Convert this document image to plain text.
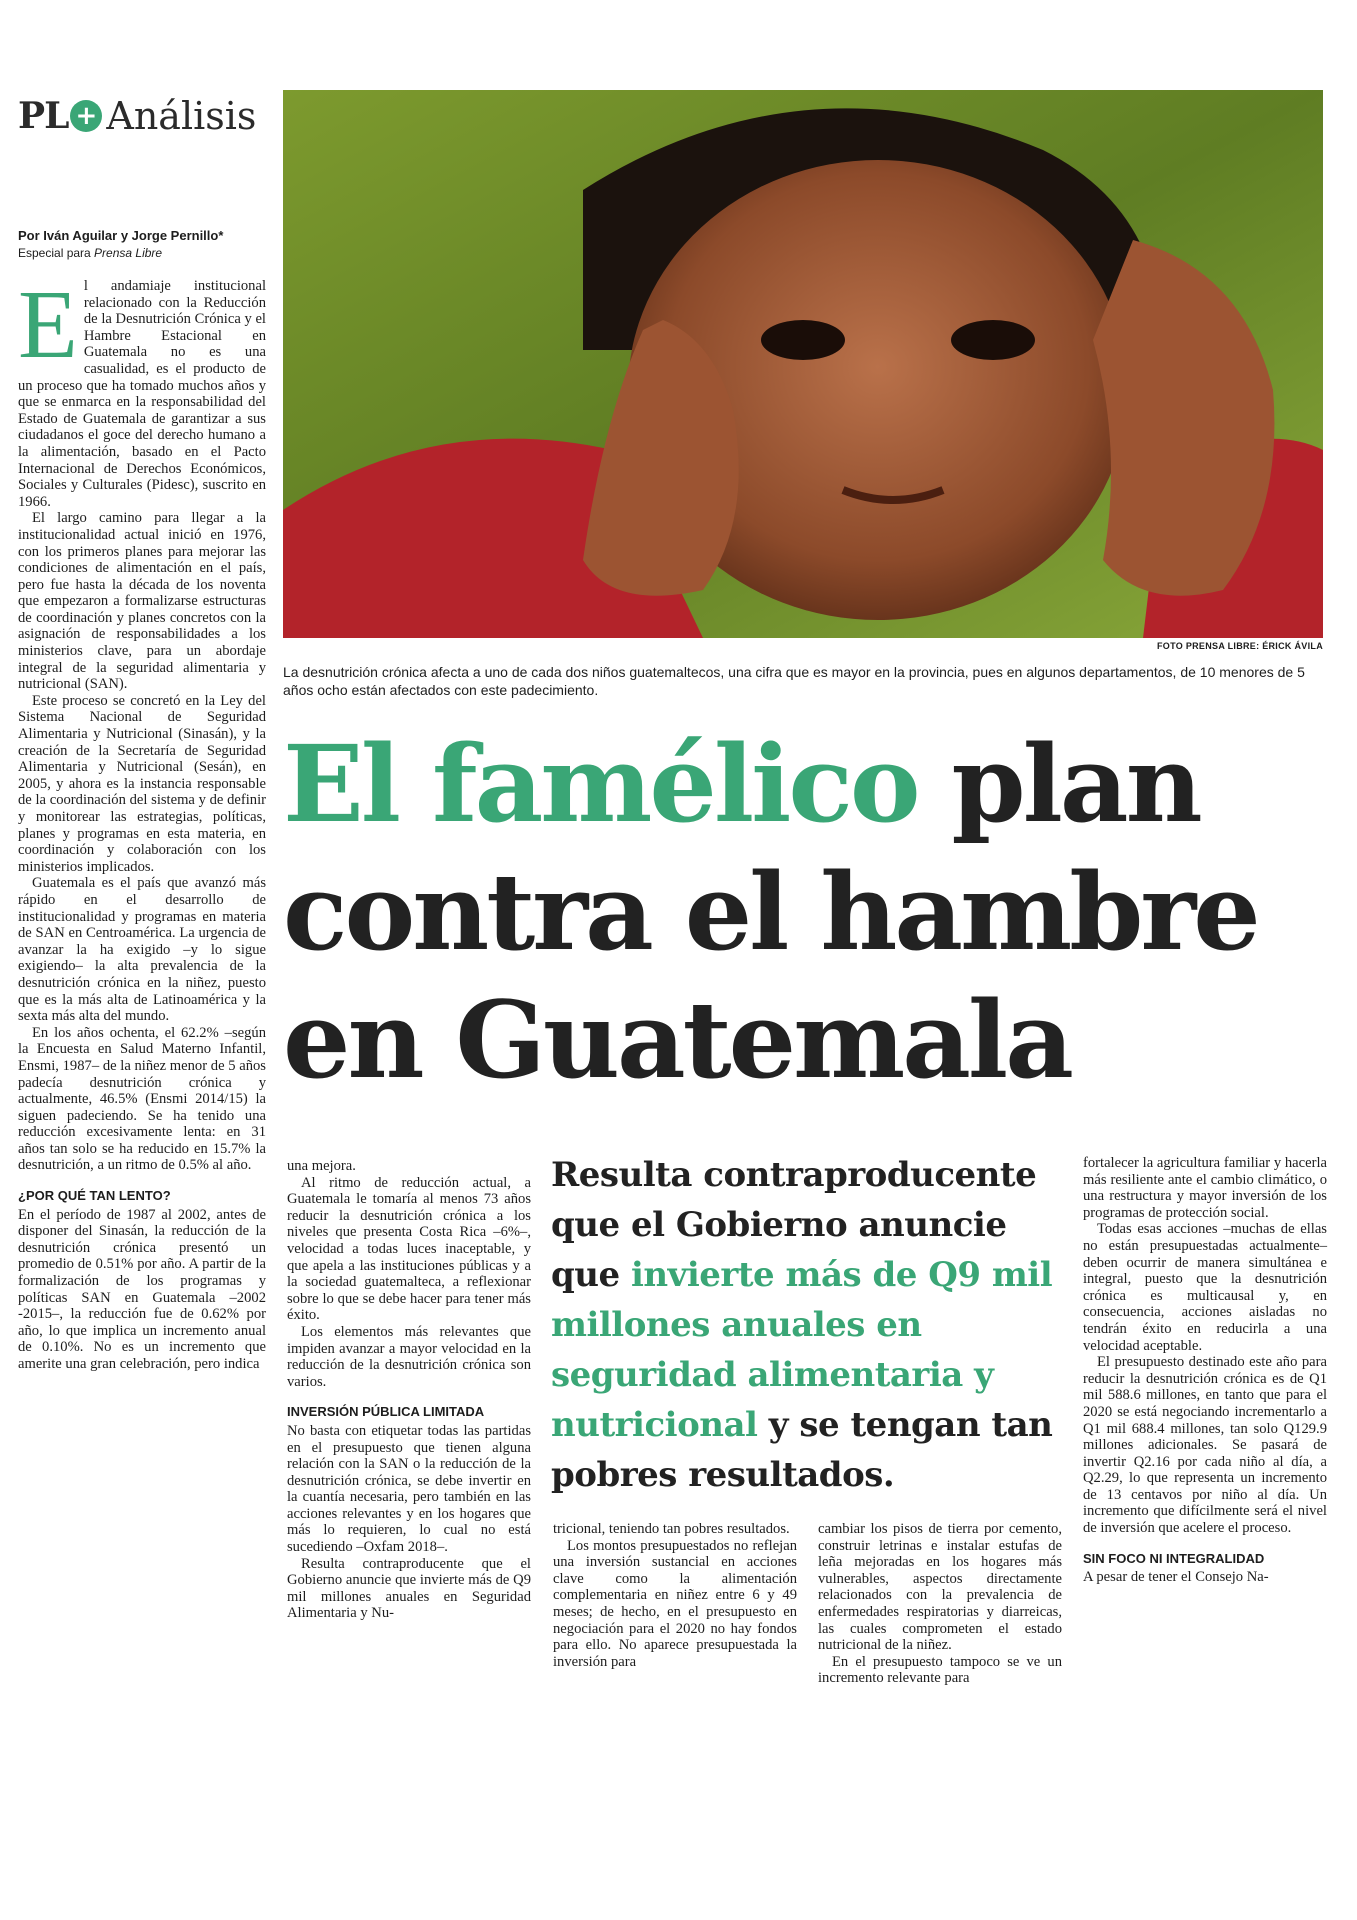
PL + Análisis
Por Iván Aguilar y Jorge Pernillo*
Especial para Prensa Libre
FOTO PRENSA LIBRE: ÉRICK ÁVILA
La desnutrición crónica afecta a uno de cada dos niños guatemaltecos, una cifra que es mayor en la provincia, pues en algunos departamentos, de 10 menores de 5 años ocho están afectados con este padecimiento.
El famélico plan
contra el hambre
en Guatemala
E l andamiaje institucional relacionado con la Reducción de la Desnutrición Crónica y el Hambre Estacional en Guatemala no es una casualidad, es el producto de un proceso que ha tomado muchos años y que se enmarca en la responsabilidad del Estado de Guatemala de garantizar a sus ciudadanos el goce del derecho humano a la alimentación, basado en el Pacto Internacional de Derechos Económicos, Sociales y Culturales (Pidesc), suscrito en 1966.

El largo camino para llegar a la institucionalidad actual inició en 1976, con los primeros planes para mejorar las condiciones de alimentación en el país, pero fue hasta la década de los noventa que empezaron a formalizarse estructuras de coordinación y planes concretos con la asignación de responsabilidades a los ministerios clave, para un abordaje integral de la seguridad alimentaria y nutricional (SAN).

Este proceso se concretó en la Ley del Sistema Nacional de Seguridad Alimentaria y Nutricional (Sinasán), y la creación de la Secretaría de Seguridad Alimentaria y Nutricional (Sesán), en 2005, y ahora es la instancia responsable de la coordinación del sistema y de definir y monitorear las estrategias, políticas, planes y programas en esta materia, en coordinación y colaboración con los ministerios implicados.

Guatemala es el país que avanzó más rápido en el desarrollo de institucionalidad y programas en materia de SAN en Centroamérica. La urgencia de avanzar la ha exigido –y lo sigue exigiendo– la alta prevalencia de la desnutrición crónica en la niñez, puesto que es la más alta de Latinoamérica y la sexta más alta del mundo.

En los años ochenta, el 62.2% –según la Encuesta en Salud Materno Infantil, Ensmi, 1987– de la niñez menor de 5 años padecía desnutrición crónica y actualmente, 46.5% (Ensmi 2014/15) la siguen padeciendo. Se ha tenido una reducción excesivamente lenta: en 31 años tan solo se ha reducido en 15.7% la desnutrición, a un ritmo de 0.5% al año.

¿POR QUÉ TAN LENTO?

En el período de 1987 al 2002, antes de disponer del Sinasán, la reducción de la desnutrición crónica presentó un promedio de 0.51% por año. A partir de la formalización de los programas y políticas SAN en Guatemala –2002 -2015–, la reducción fue de 0.62% por año, lo que implica un incremento anual de 0.10%. No es un incremento que amerite una gran celebración, pero indica

una mejora.

Al ritmo de reducción actual, a Guatemala le tomaría al menos 73 años reducir la desnutrición crónica a los niveles que presenta Costa Rica –6%–, velocidad a todas luces inaceptable, y que apela a las instituciones públicas y a la sociedad guatemalteca, a reflexionar sobre lo que se debe hacer para tener más éxito.

Los elementos más relevantes que impiden avanzar a mayor velocidad en la reducción de la desnutrición crónica son varios.

INVERSIÓN PÚBLICA LIMITADA

No basta con etiquetar todas las partidas en el presupuesto que tienen alguna relación con la SAN o la reducción de la desnutrición crónica, se debe invertir en la cuantía necesaria, pero también en las acciones relevantes y en los hogares que más lo requieren, lo cual no está sucediendo –Oxfam 2018–.

Resulta contraproducente que el Gobierno anuncie que invierte más de Q9 mil millones anuales en Seguridad Alimentaria y Nu-

Resulta contraproducente que el Gobierno anuncie que invierte más de Q9 mil millones anuales en seguridad alimentaria y nutricional y se tengan tan pobres resultados.

tricional, teniendo tan pobres resultados.

Los montos presupuestados no reflejan una inversión sustancial en acciones clave como la alimentación complementaria en niñez entre 6 y 49 meses; de hecho, en el presupuesto en negociación para el 2020 no hay fondos para ello. No aparece presupuestada la inversión para

cambiar los pisos de tierra por cemento, construir letrinas e instalar estufas de leña mejoradas en los hogares más vulnerables, aspectos directamente relacionados con la prevalencia de enfermedades respiratorias y diarreicas, las cuales comprometen el estado nutricional de la niñez.

En el presupuesto tampoco se ve un incremento relevante para

fortalecer la agricultura familiar y hacerla más resiliente ante el cambio climático, o una restructura y mayor inversión de los programas de protección social.

Todas esas acciones –muchas de ellas no están presupuestadas actualmente– deben ocurrir de manera simultánea e integral, puesto que la desnutrición crónica es multicausal y, en consecuencia, acciones aisladas no tendrán éxito en reducirla a una velocidad aceptable.

El presupuesto destinado este año para reducir la desnutrición crónica es de Q1 mil 588.6 millones, en tanto que para el 2020 se está negociando incrementarlo a Q1 mil 688.4 millones, tan solo Q129.9 millones adicionales. Se pasará de invertir Q2.16 por cada niño al día, a Q2.29, lo que representa un incremento de 13 centavos por niño al día. Un incremento que difícilmente será el nivel de inversión que acelere el proceso.

SIN FOCO NI INTEGRALIDAD

A pesar de tener el Consejo Na-
